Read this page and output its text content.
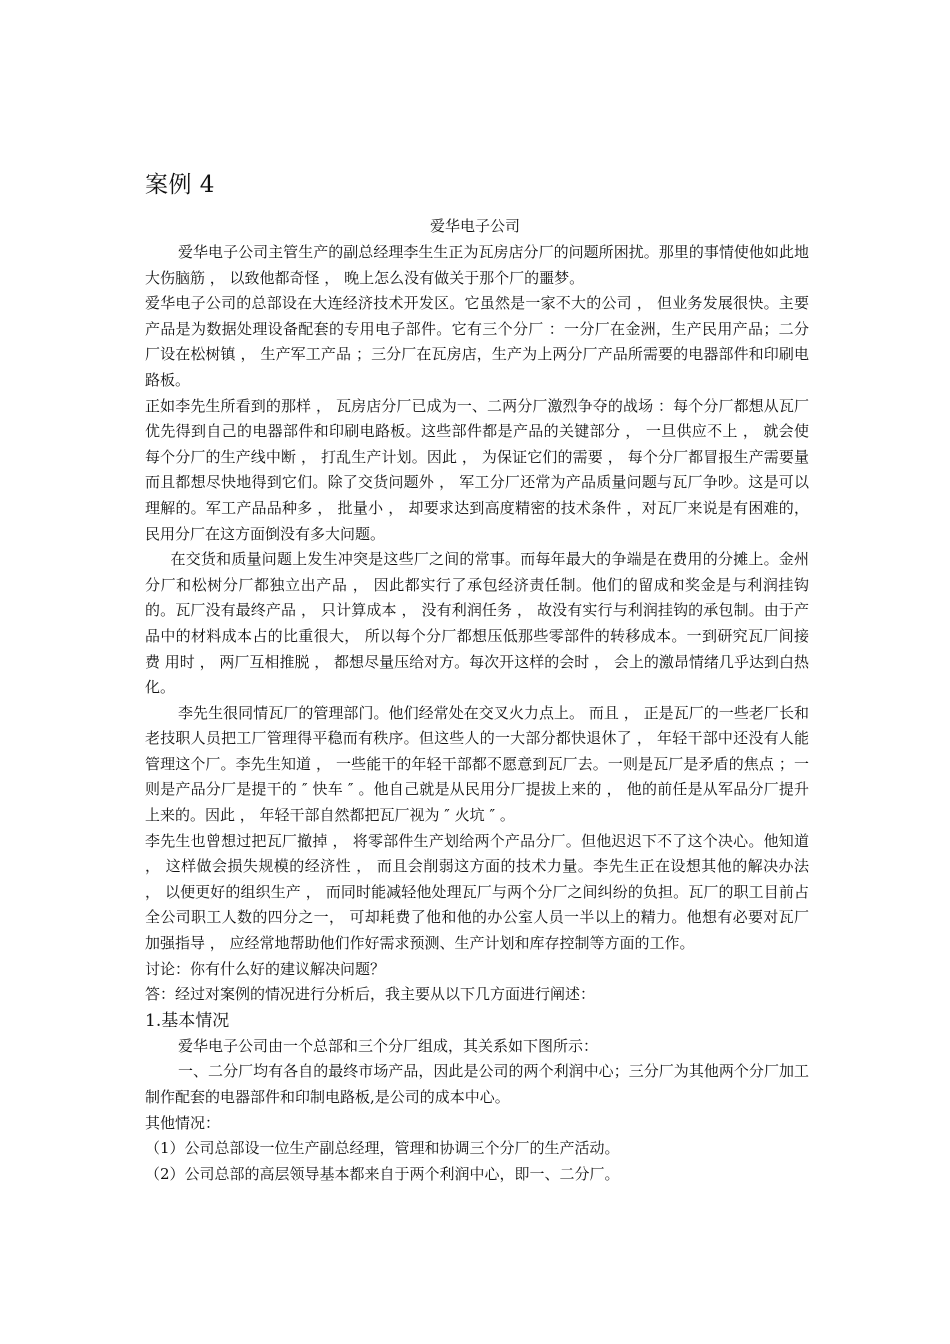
案例 4
爱华电子公司

爱华电子公司主管生产的副总经理李生生正为瓦房店分厂的问题所困扰。那里的事情使他如此地大伤脑筋 ， 以致他都奇怪 ， 晚上怎么没有做关于那个厂的噩梦。

爱华电子公司的总部设在大连经济技术开发区。它虽然是一家不大的公司 ， 但业务发展很快。主要产品是为数据处理设备配套的专用电子部件。它有三个分厂 ：一分厂在金洲，生产民用产品；二分厂设在松树镇 ， 生产军工产品 ；三分厂在瓦房店，生产为上两分厂产品所需要的电器部件和印刷电路板。

正如李先生所看到的那样 ， 瓦房店分厂已成为一、二两分厂激烈争夺的战场 ：每个分厂都想从瓦厂优先得到自己的电器部件和印刷电路板。这些部件都是产品的关键部分 ， 一旦供应不上 ， 就会使每个分厂的生产线中断 ， 打乱生产计划。因此 ， 为保证它们的需要 ， 每个分厂都冒报生产需要量而且都想尽快地得到它们。除了交货问题外 ， 军工分厂还常为产品质量问题与瓦厂争吵。这是可以理解的。军工产品品种多 ， 批量小 ， 却要求达到高度精密的技术条件 ，对瓦厂来说是有困难的，民用分厂在这方面倒没有多大问题。

在交货和质量问题上发生冲突是这些厂之间的常事。而每年最大的争端是在费用的分摊上。金州分厂和松树分厂都独立出产品 ， 因此都实行了承包经济责任制。他们的留成和奖金是与利润挂钩的。瓦厂没有最终产品 ， 只计算成本 ， 没有利润任务 ， 故没有实行与利润挂钩的承包制。由于产品中的材料成本占的比重很大， 所以每个分厂都想压低那些零部件的转移成本。一到研究瓦厂间接费 用时 ， 两厂互相推脱 ， 都想尽量压给对方。每次开这样的会时 ， 会上的激昂情绪几乎达到白热化。

李先生很同情瓦厂的管理部门。他们经常处在交叉火力点上。 而且 ， 正是瓦厂的一些老厂长和老技职人员把工厂管理得平稳而有秩序。但这些人的一大部分都快退休了 ， 年轻干部中还没有人能管理这个厂。李先生知道 ， 一些能干的年轻干部都不愿意到瓦厂去。一则是瓦厂是矛盾的焦点 ；一则是产品分厂是提干的 ″ 快车 ″ 。他自己就是从民用分厂提拔上来的 ， 他的前任是从军品分厂提升上来的。因此 ， 年轻干部自然都把瓦厂视为 ″ 火坑 ″ 。

李先生也曾想过把瓦厂撤掉 ， 将零部件生产划给两个产品分厂。但他迟迟下不了这个决心。他知道 ， 这样做会损失规模的经济性 ， 而且会削弱这方面的技术力量。李先生正在设想其他的解决办法 ， 以便更好的组织生产 ， 而同时能减轻他处理瓦厂与两个分厂之间纠纷的负担。瓦厂的职工目前占全公司职工人数的四分之一， 可却耗费了他和他的办公室人员一半以上的精力。他想有必要对瓦厂加强指导 ， 应经常地帮助他们作好需求预测、生产计划和库存控制等方面的工作。

讨论：你有什么好的建议解决问题？

答：经过对案例的情况进行分析后，我主要从以下几方面进行阐述：

1.基本情况

爱华电子公司由一个总部和三个分厂组成，其关系如下图所示：

一、二分厂均有各自的最终市场产品，因此是公司的两个利润中心；三分厂为其他两个分厂加工制作配套的电器部件和印制电路板,是公司的成本中心。

其他情况：

（1）公司总部设一位生产副总经理，管理和协调三个分厂的生产活动。

（2）公司总部的高层领导基本都来自于两个利润中心，即一、二分厂。
